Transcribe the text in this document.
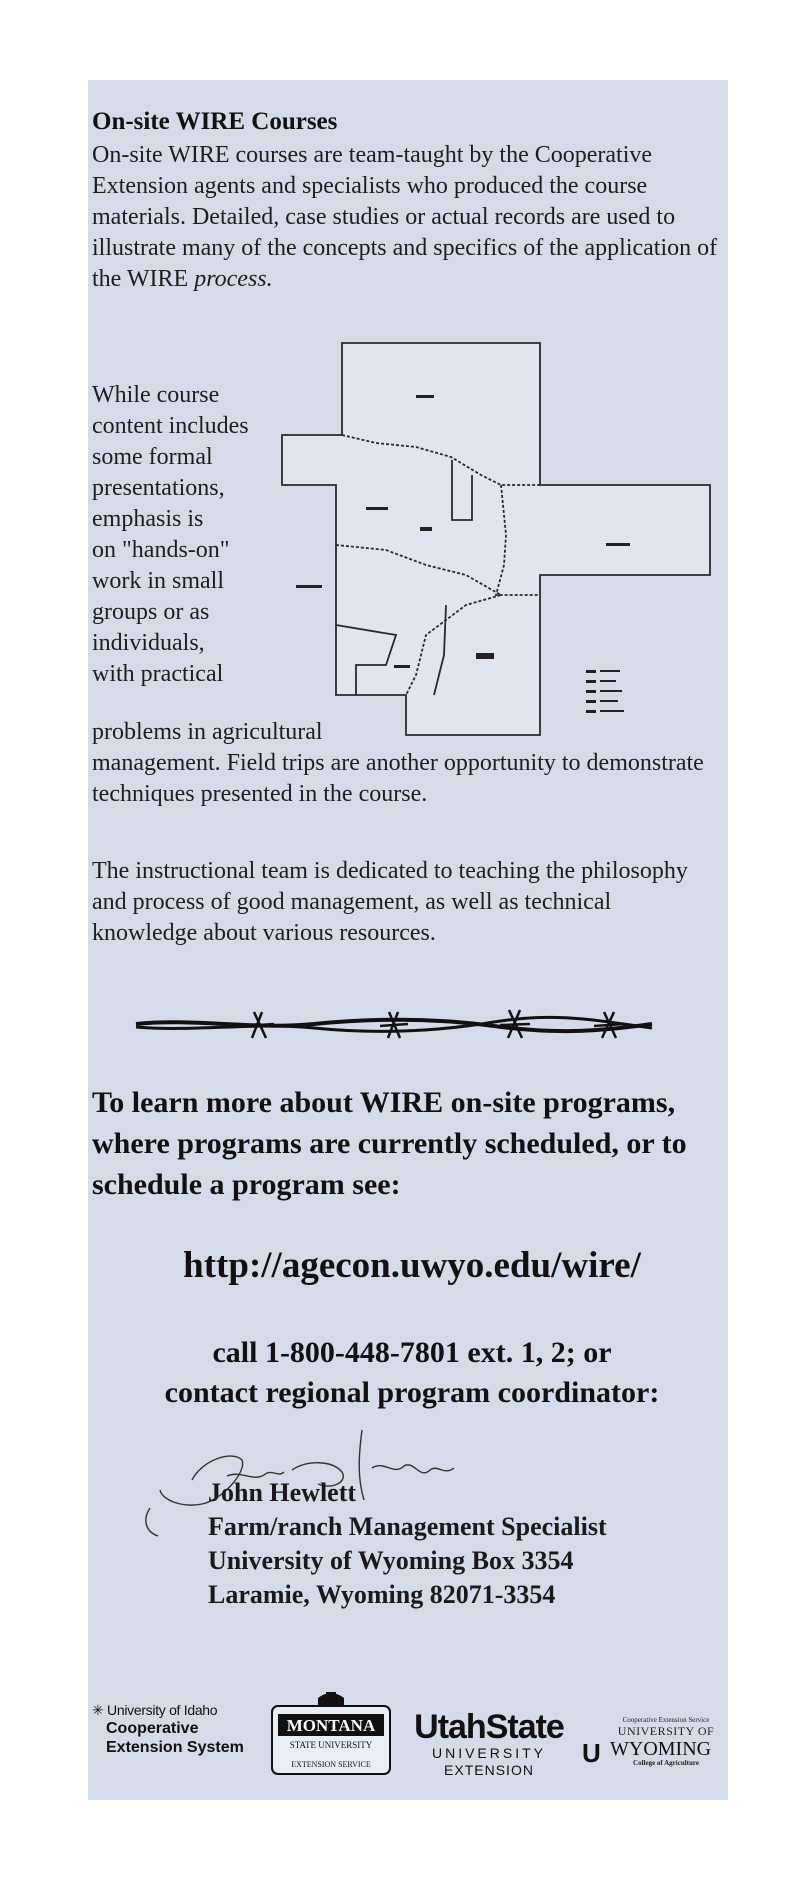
On-site WIRE Courses
On-site WIRE courses are team-taught by the Cooperative Extension agents and specialists who produced the course materials. Detailed, case studies or actual records are used to illustrate many of the concepts and specifics of the application of the WIRE process.
While course
content includes
some formal
presentations,
emphasis is
on "hands-on"
work in small
groups or as
individuals,
with practical
problems in agricultural
management. Field trips are another opportunity to demonstrate techniques presented in the course.
The instructional team is dedicated to teaching the philosophy and process of good management, as well as technical knowledge about various resources.
To learn more about WIRE on-site programs, where programs are currently scheduled, or to schedule a program see:
http://agecon.uwyo.edu/wire/
call 1-800-448-7801 ext. 1, 2; or
contact regional program coordinator:
John Hewlett
Farm/ranch Management Specialist
University of Wyoming Box 3354
Laramie, Wyoming 82071-3354
✳ University of Idaho
Cooperative
Extension System
MONTANA
STATE UNIVERSITY
EXTENSION SERVICE
UtahState
UNIVERSITY
EXTENSION
U
Cooperative Extension Service
UNIVERSITY OF
WYOMING
College of Agriculture
